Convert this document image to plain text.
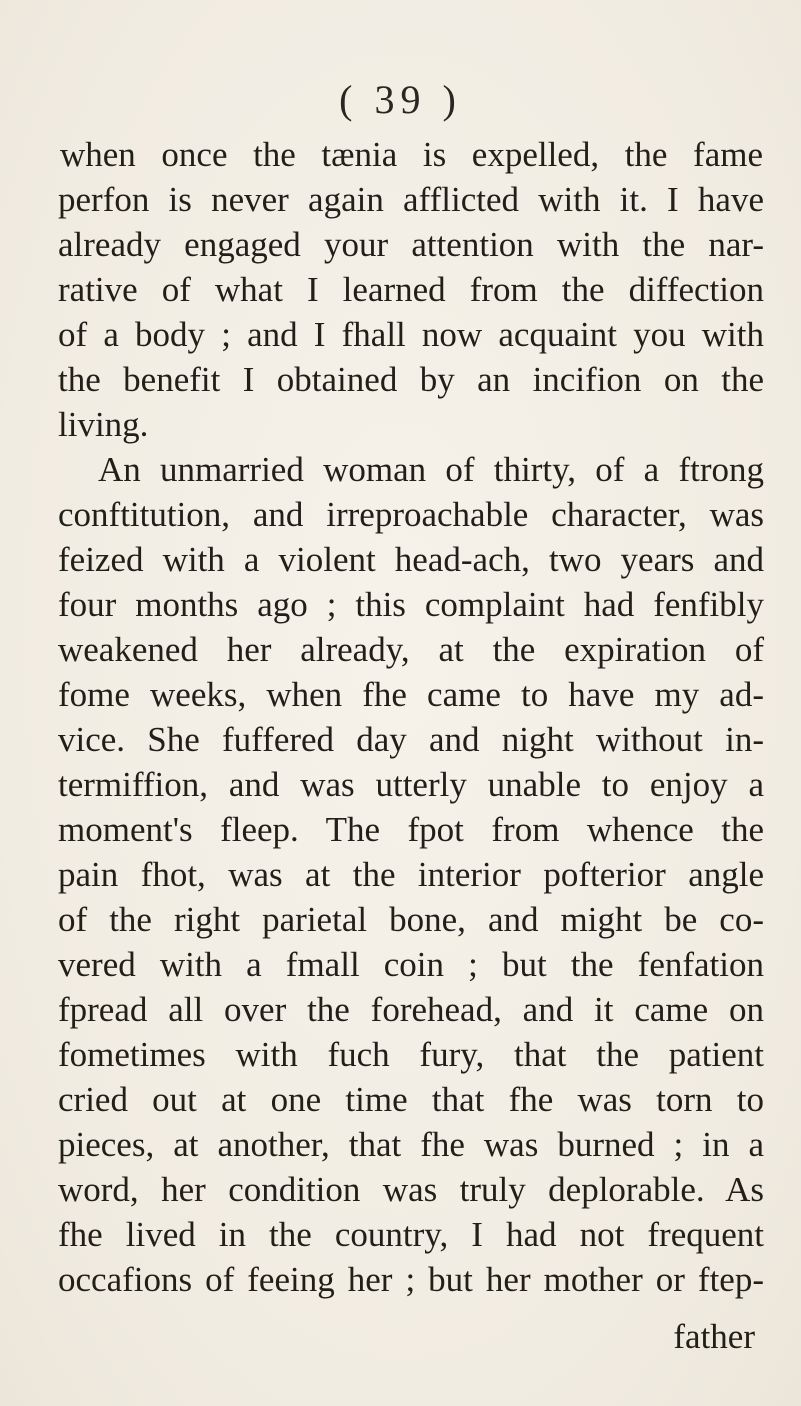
( 39 )
when once the tænia is expelled, the fame
perfon is never again afflicted with it. I have
already engaged your attention with the nar-
rative of what I learned from the diffection
of a body ; and I fhall now acquaint you with
the benefit I obtained by an incifion on the
living.
An unmarried woman of thirty, of a ftrong
conftitution, and irreproachable character, was
feized with a violent head-ach, two years and
four months ago ; this complaint had fenfibly
weakened her already, at the expiration of
fome weeks, when fhe came to have my ad-
vice. She fuffered day and night without in-
termiffion, and was utterly unable to enjoy a
moment's fleep. The fpot from whence the
pain fhot, was at the interior pofterior angle
of the right parietal bone, and might be co-
vered with a fmall coin ; but the fenfation
fpread all over the forehead, and it came on
fometimes with fuch fury, that the patient
cried out at one time that fhe was torn to
pieces, at another, that fhe was burned ; in a
word, her condition was truly deplorable. As
fhe lived in the country, I had not frequent
occafions of feeing her ; but her mother or ftep-
father
